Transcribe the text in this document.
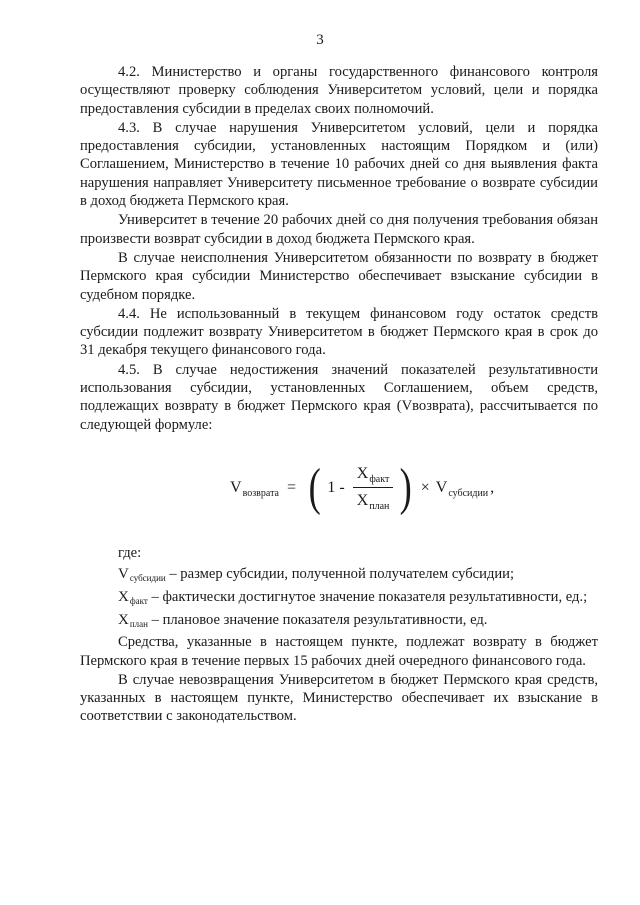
3

4.2. Министерство и органы государственного финансового контроля осуществляют проверку соблюдения Университетом условий, цели и порядка предоставления субсидии в пределах своих полномочий.

4.3. В случае нарушения Университетом условий, цели и порядка предоставления субсидии, установленных настоящим Порядком и (или) Соглашением, Министерство в течение 10 рабочих дней со дня выявления факта нарушения направляет Университету письменное требование о возврате субсидии в доход бюджета Пермского края.

Университет в течение 20 рабочих дней со дня получения требования обязан произвести возврат субсидии в доход бюджета Пермского края.

В случае неисполнения Университетом обязанности по возврату в бюджет Пермского края субсидии Министерство обеспечивает взыскание субсидии в судебном порядке.

4.4. Не использованный в текущем финансовом году остаток средств субсидии подлежит возврату Университетом в бюджет Пермского края в срок до 31 декабря текущего финансового года.

4.5. В случае недостижения значений показателей результативности использования субсидии, установленных Соглашением, объем средств, подлежащих возврату в бюджет Пермского края (Vвозврата), рассчитывается по следующей формуле:

V возврата = ( $1 - \frac{\text{X факт}}{\text{X план}}$ ) × V субсидии ,

где:

$V_{субсидии}$ – размер субсидии, полученной получателем субсидии;

$X_{факт}$ – фактически достигнутое значение показателя результативности, ед.;

$X_{план}$ – плановое значение показателя результативности, ед.

Средства, указанные в настоящем пункте, подлежат возврату в бюджет Пермского края в течение первых 15 рабочих дней очередного финансового года.

В случае невозвращения Университетом в бюджет Пермского края средств, указанных в настоящем пункте, Министерство обеспечивает их взыскание в соответствии с законодательством.
